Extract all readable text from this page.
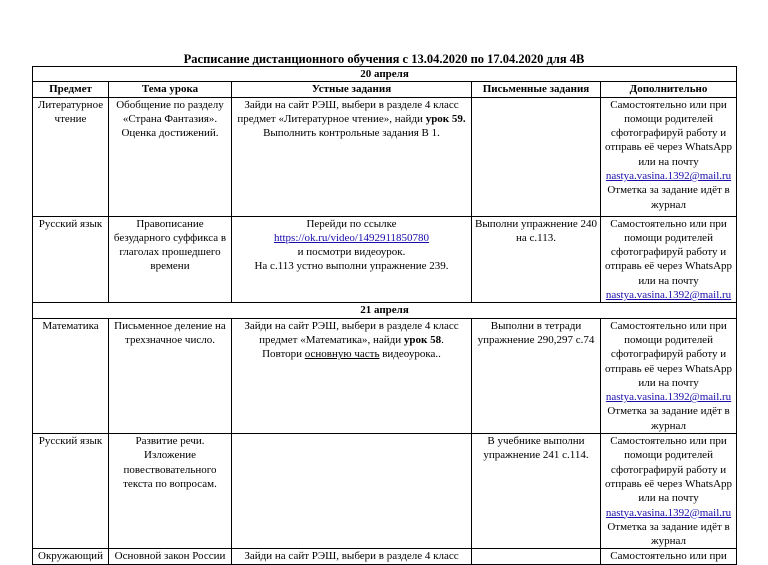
Расписание дистанционного обучения с 13.04.2020 по 17.04.2020 для 4В
20 апреля				
Предмет	Тема урока	Устные задания	Письменные задания	Дополнительно
Литературное чтение	Обобщение по разделу «Страна Фантазия». Оценка достижений.	Зайди на сайт РЭШ, выбери в разделе 4 класс предмет «Литературное чтение», найди урок 59.
Выполнить контрольные задания В 1.		Самостоятельно или при помощи родителей сфотографируй работу и отправь её через WhatsApp или на почту
nastya.vasina.1392@mail.ru
Отметка за задание идёт в журнал
Русский язык	Правописание безударного суффикса в глаголах прошедшего времени	Перейди по ссылке
https://ok.ru/video/1492911850780
и посмотри видеоурок.
На с.113 устно выполни упражнение 239.	Выполни упражнение 240 на с.113.	Самостоятельно или при помощи родителей сфотографируй работу и отправь её через WhatsApp или на почту
nastya.vasina.1392@mail.ru
21 апреля				
Математика	Письменное деление на трехзначное число.	Зайди на сайт РЭШ, выбери в разделе 4 класс предмет «Математика», найди урок 58.
Повтори основную часть видеоурока..	Выполни в тетради упражнение 290,297 с.74	Самостоятельно или при помощи родителей сфотографируй работу и отправь её через WhatsApp или на почту
nastya.vasina.1392@mail.ru
Отметка за задание идёт в журнал
Русский язык	Развитие речи. Изложение повествовательного текста по вопросам.		В учебнике выполни упражнение 241 с.114.	Самостоятельно или при помощи родителей сфотографируй работу и отправь её через WhatsApp или на почту
nastya.vasina.1392@mail.ru
Отметка за задание идёт в журнал
Окружающий	Основной закон России	Зайди на сайт РЭШ, выбери в разделе 4 класс		Самостоятельно или при
